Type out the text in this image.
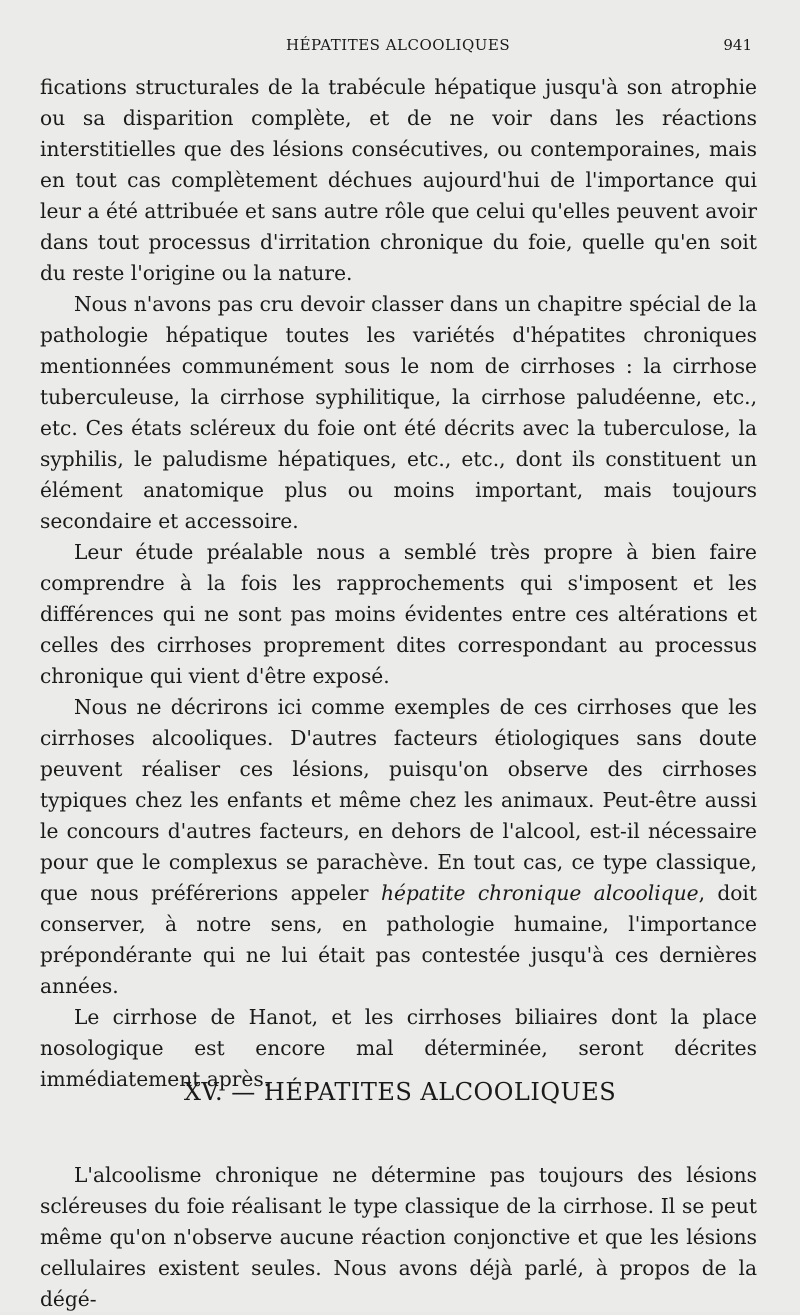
HÉPATITES ALCOOLIQUES	941

fications structurales de la trabécule hépatique jusqu'à son atrophie ou sa disparition complète, et de ne voir dans les réactions interstitielles que des lésions consécutives, ou contemporaines, mais en tout cas complètement déchues aujourd'hui de l'importance qui leur a été attribuée et sans autre rôle que celui qu'elles peuvent avoir dans tout processus d'irritation chronique du foie, quelle qu'en soit du reste l'origine ou la nature.

Nous n'avons pas cru devoir classer dans un chapitre spécial de la pathologie hépatique toutes les variétés d'hépatites chroniques mentionnées communément sous le nom de cirrhoses : la cirrhose tuberculeuse, la cirrhose syphilitique, la cirrhose paludéenne, etc., etc. Ces états scléreux du foie ont été décrits avec la tuberculose, la syphilis, le paludisme hépatiques, etc., etc., dont ils constituent un élément anatomique plus ou moins important, mais toujours secondaire et accessoire.

Leur étude préalable nous a semblé très propre à bien faire comprendre à la fois les rapprochements qui s'imposent et les différences qui ne sont pas moins évidentes entre ces altérations et celles des cirrhoses proprement dites correspondant au processus chronique qui vient d'être exposé.

Nous ne décrirons ici comme exemples de ces cirrhoses que les cirrhoses alcooliques. D'autres facteurs étiologiques sans doute peuvent réaliser ces lésions, puisqu'on observe des cirrhoses typiques chez les enfants et même chez les animaux. Peut-être aussi le concours d'autres facteurs, en dehors de l'alcool, est-il nécessaire pour que le complexus se parachève. En tout cas, ce type classique, que nous préférerions appeler hépatite chronique alcoolique, doit conserver, à notre sens, en pathologie humaine, l'importance prépondérante qui ne lui était pas contestée jusqu'à ces dernières années.

Le cirrhose de Hanot, et les cirrhoses biliaires dont la place nosologique est encore mal déterminée, seront décrites immédiatement après.

XV. — HÉPATITES ALCOOLIQUES

L'alcoolisme chronique ne détermine pas toujours des lésions scléreuses du foie réalisant le type classique de la cirrhose. Il se peut même qu'on n'observe aucune réaction conjonctive et que les lésions cellulaires existent seules. Nous avons déjà parlé, à propos de la dégé-
